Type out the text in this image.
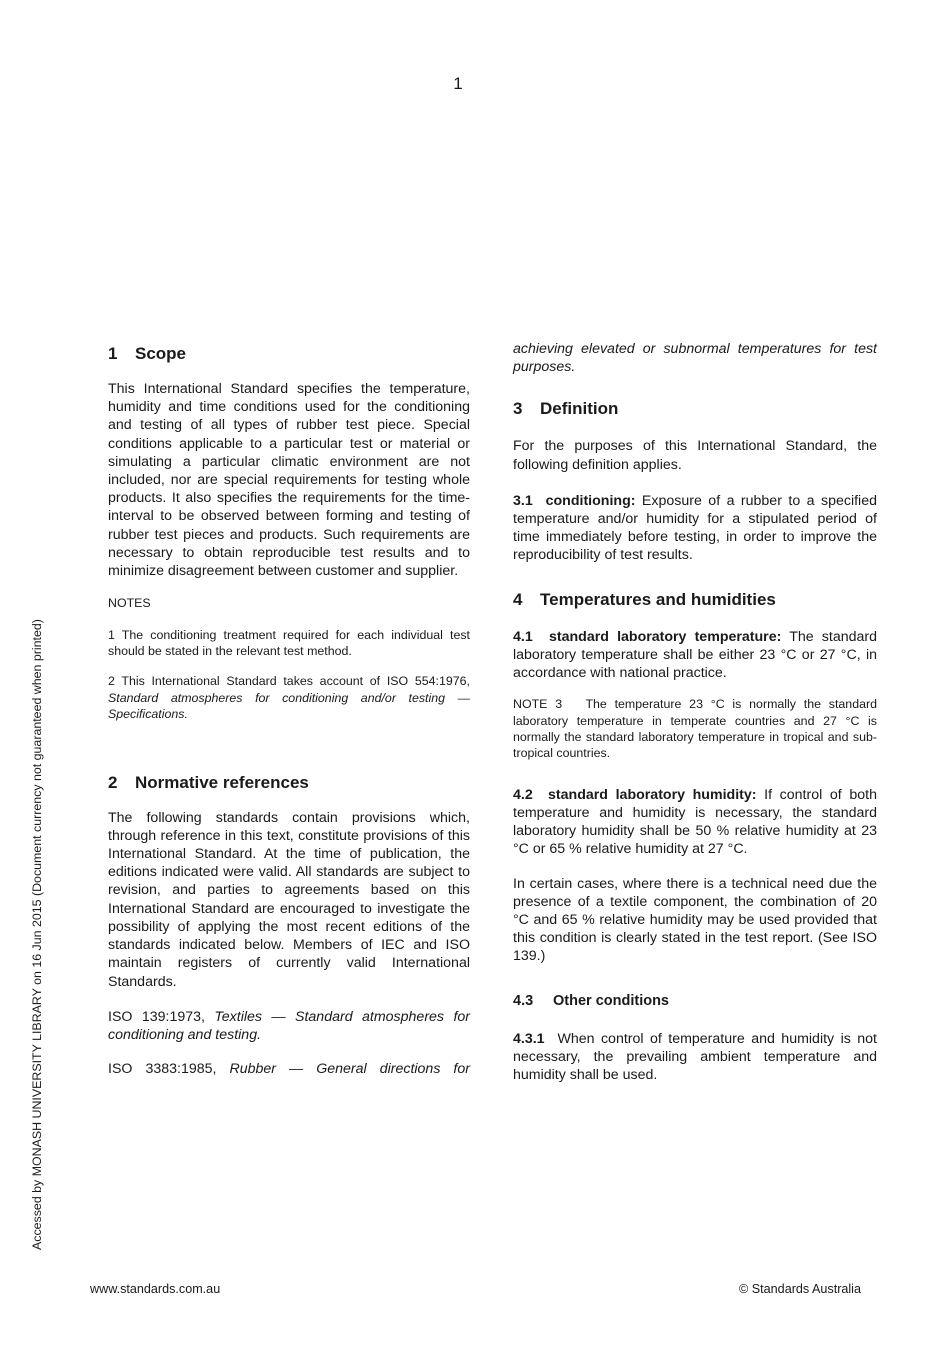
1
Accessed by MONASH UNIVERSITY LIBRARY on 16 Jun 2015 (Document currency not guaranteed when printed)
1 Scope

This International Standard specifies the temperature, humidity and time conditions used for the conditioning and testing of all types of rubber test piece. Special conditions applicable to a particular test or material or simulating a particular climatic environment are not included, nor are special requirements for testing whole products. It also specifies the requirements for the time-interval to be observed between forming and testing of rubber test pieces and products. Such requirements are necessary to obtain reproducible test results and to minimize disagreement between customer and supplier.

NOTES

1 The conditioning treatment required for each individual test should be stated in the relevant test method.

2 This International Standard takes account of ISO 554:1976, Standard atmospheres for conditioning and/or testing — Specifications.

2 Normative references

The following standards contain provisions which, through reference in this text, constitute provisions of this International Standard. At the time of publication, the editions indicated were valid. All standards are subject to revision, and parties to agreements based on this International Standard are encouraged to investigate the possibility of applying the most recent editions of the standards indicated below. Members of IEC and ISO maintain registers of currently valid International Standards.

ISO 139:1973, Textiles — Standard atmospheres for conditioning and testing.

ISO 3383:1985, Rubber — General directions for

achieving elevated or subnormal temperatures for test purposes.

3 Definition

For the purposes of this International Standard, the following definition applies.

3.1 conditioning: Exposure of a rubber to a specified temperature and/or humidity for a stipulated period of time immediately before testing, in order to improve the reproducibility of test results.

4 Temperatures and humidities

4.1 standard laboratory temperature: The standard laboratory temperature shall be either 23 °C or 27 °C, in accordance with national practice.

NOTE 3 The temperature 23 °C is normally the standard laboratory temperature in temperate countries and 27 °C is normally the standard laboratory temperature in tropical and sub-tropical countries.

4.2 standard laboratory humidity: If control of both temperature and humidity is necessary, the standard laboratory humidity shall be 50 % relative humidity at 23 °C or 65 % relative humidity at 27 °C.

In certain cases, where there is a technical need due the presence of a textile component, the combination of 20 °C and 65 % relative humidity may be used provided that this condition is clearly stated in the test report. (See ISO 139.)

4.3 Other conditions

4.3.1 When control of temperature and humidity is not necessary, the prevailing ambient temperature and humidity shall be used.

www.standards.com.au	© Standards Australia
